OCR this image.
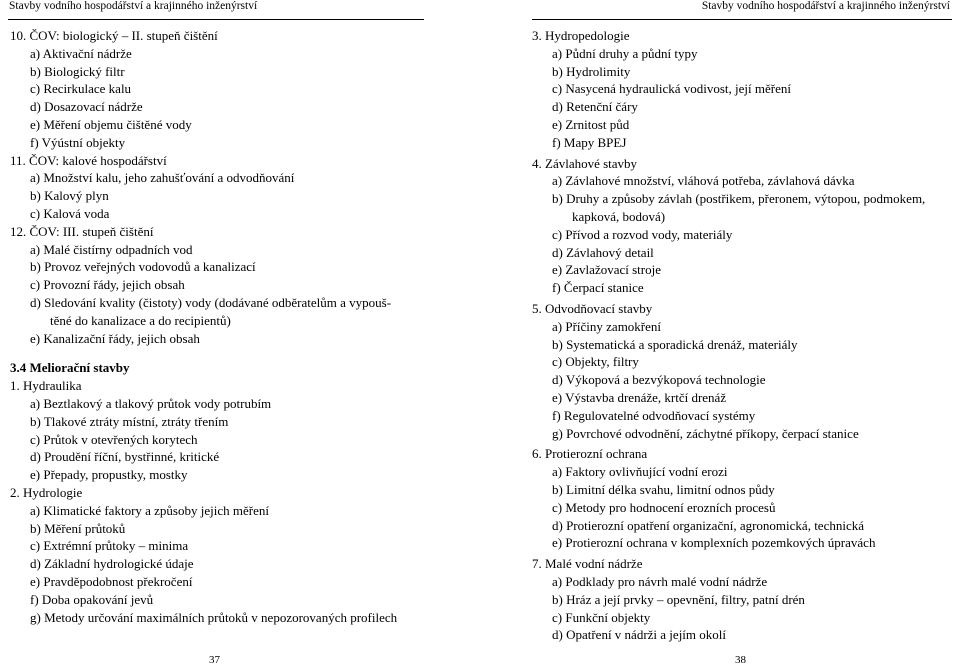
Stavby vodního hospodářství a krajinného inženýrství
10. ČOV: biologický – II. stupeň čištění
a) Aktivační nádrže
b) Biologický filtr
c) Recirkulace kalu
d) Dosazovací nádrže
e) Měření objemu čištěné vody
f) Výústní objekty
11. ČOV: kalové hospodářství
a) Množství kalu, jeho zahušťování a odvodňování
b) Kalový plyn
c) Kalová voda
12. ČOV: III. stupeň čištění
a) Malé čistírny odpadních vod
b) Provoz veřejných vodovodů a kanalizací
c) Provozní řády, jejich obsah
d) Sledování kvality (čistoty) vody (dodávané odběratelům a vypouš-
těné do kanalizace a do recipientů)
e) Kanalizační řády, jejich obsah
3.4 Meliorační stavby
1. Hydraulika
a) Beztlakový a tlakový průtok vody potrubím
b) Tlakové ztráty místní, ztráty třením
c) Průtok v otevřených korytech
d) Proudění říční, bystřinné, kritické
e) Přepady, propustky, mostky
2. Hydrologie
a) Klimatické faktory a způsoby jejich měření
b) Měření průtoků
c) Extrémní průtoky – minima
d) Základní hydrologické údaje
e) Pravděpodobnost překročení
f) Doba opakování jevů
g) Metody určování maximálních průtoků v nepozorovaných profilech
37
Stavby vodního hospodářství a krajinného inženýrství
3. Hydropedologie
a) Půdní druhy a půdní typy
b) Hydrolimity
c) Nasycená hydraulická vodivost, její měření
d) Retenční čáry
e) Zrnitost půd
f) Mapy BPEJ
4. Závlahové stavby
a) Závlahové množství, vláhová potřeba, závlahová dávka
b) Druhy a způsoby závlah (postřikem, přeronem, výtopou, podmokem,
kapková, bodová)
c) Přívod a rozvod vody, materiály
d) Závlahový detail
e) Zavlažovací stroje
f) Čerpací stanice
5. Odvodňovací stavby
a) Příčiny zamokření
b) Systematická a sporadická drenáž, materiály
c) Objekty, filtry
d) Výkopová a bezvýkopová technologie
e) Výstavba drenáže, krtčí drenáž
f) Regulovatelné odvodňovací systémy
g) Povrchové odvodnění, záchytné příkopy, čerpací stanice
6. Protierozní ochrana
a) Faktory ovlivňující vodní erozi
b) Limitní délka svahu, limitní odnos půdy
c) Metody pro hodnocení erozních procesů
d) Protierozní opatření organizační, agronomická, technická
e) Protierozní ochrana v komplexních pozemkových úpravách
7. Malé vodní nádrže
a) Podklady pro návrh malé vodní nádrže
b) Hráz a její prvky – opevnění, filtry, patní drén
c) Funkční objekty
d) Opatření v nádrži a jejím okolí
38
